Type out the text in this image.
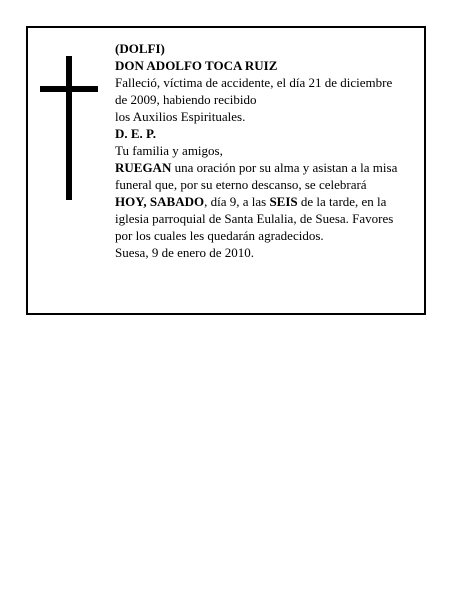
(DOLFI)

DON ADOLFO TOCA RUIZ

Falleció, víctima de accidente, el día 21 de diciembre

de 2009, habiendo recibido

los Auxilios Espirituales.

D. E. P.

Tu familia y amigos,

RUEGAN una oración por su alma y asistan a la misa

funeral que, por su eterno descanso, se celebrará

HOY, SABADO, día 9, a las SEIS de la tarde, en la

iglesia parroquial de Santa Eulalia, de Suesa. Favores

por los cuales les quedarán agradecidos.

Suesa, 9 de enero de 2010.
